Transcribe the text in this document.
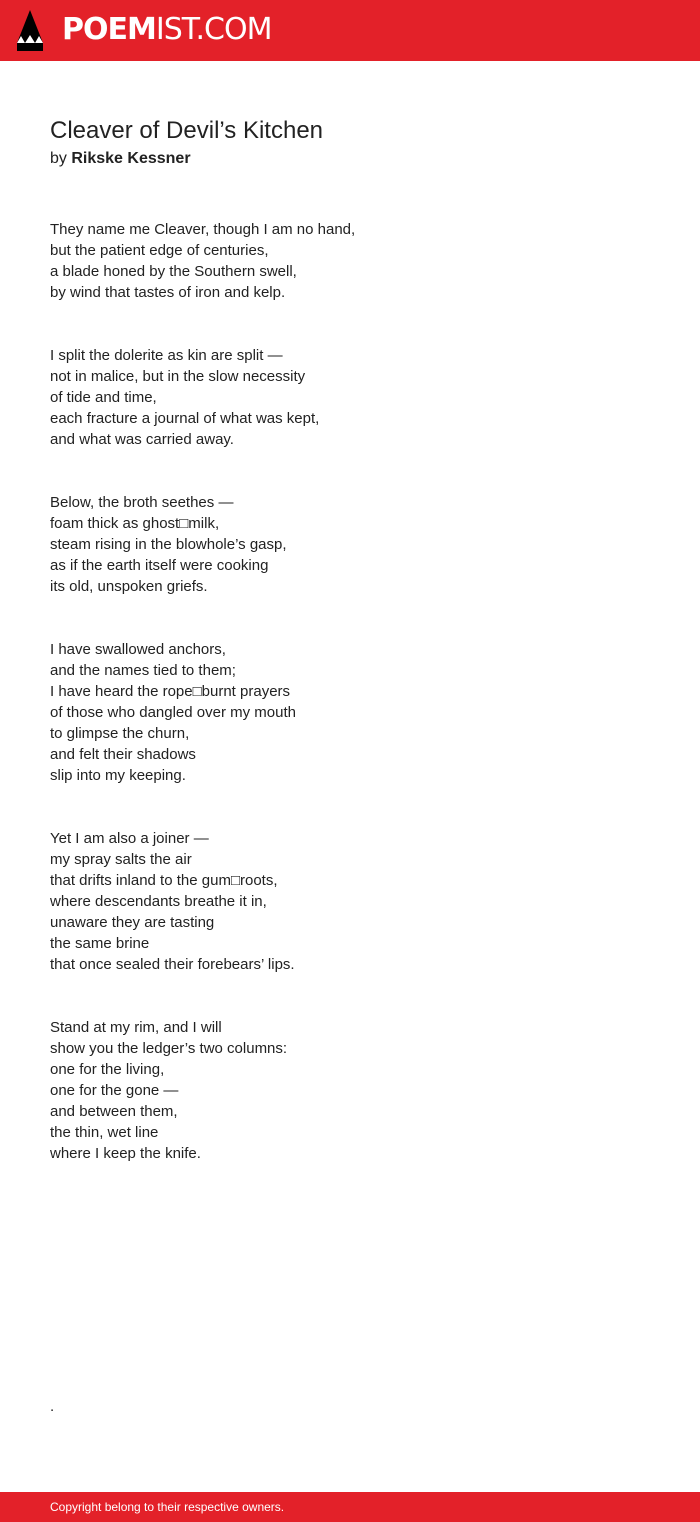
POEMIST.COM
Cleaver of Devil’s Kitchen
by Rikske Kessner
They name me Cleaver, though I am no hand,
but the patient edge of centuries,
a blade honed by the Southern swell,
by wind that tastes of iron and kelp.
I split the dolerite as kin are split —
not in malice, but in the slow necessity
of tide and time,
each fracture a journal of what was kept,
and what was carried away.
Below, the broth seethes —
foam thick as ghost□milk,
steam rising in the blowhole’s gasp,
as if the earth itself were cooking
its old, unspoken griefs.
I have swallowed anchors,
and the names tied to them;
I have heard the rope□burnt prayers
of those who dangled over my mouth
to glimpse the churn,
and felt their shadows
slip into my keeping.
Yet I am also a joiner —
my spray salts the air
that drifts inland to the gum□roots,
where descendants breathe it in,
unaware they are tasting
the same brine
that once sealed their forebears’ lips.
Stand at my rim, and I will
show you the ledger’s two columns:
one for the living,
one for the gone —
and between them,
the thin, wet line
where I keep the knife.
.
Copyright belong to their respective owners.
